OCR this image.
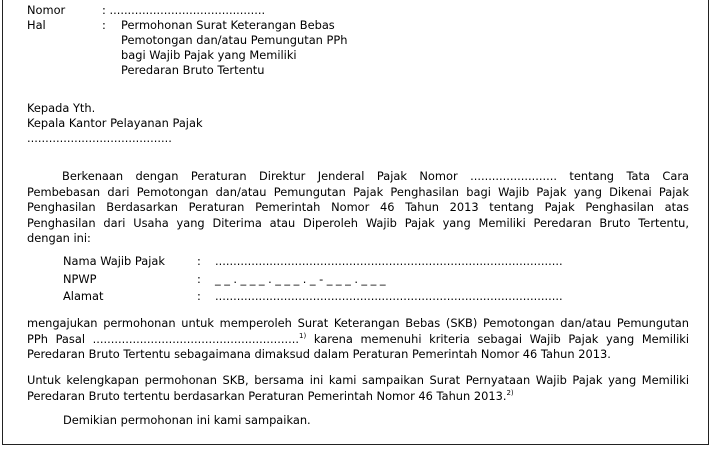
Nomor	: ...........................................
Hal	: Permohonan Surat Keterangan Bebas
Pemotongan dan/atau Pemungutan PPh
bagi Wajib Pajak yang Memiliki
Peredaran Bruto Tertentu
Kepada Yth.
Kepala Kantor Pelayanan Pajak
........................................
Berkenaan dengan Peraturan Direktur Jenderal Pajak Nomor ........................ tentang Tata Cara
Pembebasan dari Pemotongan dan/atau Pemungutan Pajak Penghasilan bagi Wajib Pajak yang Dikenai Pajak
Penghasilan Berdasarkan Peraturan Pemerintah Nomor 46 Tahun 2013 tentang Pajak Penghasilan atas
Penghasilan dari Usaha yang Diterima atau Diperoleh Wajib Pajak yang Memiliki Peredaran Bruto Tertentu,
dengan ini:
Nama Wajib Pajak	: ................................................................................................
NPWP	: __.___.___._-___.___
Alamat	: ................................................................................................
mengajukan permohonan untuk memperoleh Surat Keterangan Bebas (SKB) Pemotongan dan/atau Pemungutan
PPh Pasal .........................................................$^{1)}$ karena memenuhi kriteria sebagai Wajib Pajak yang Memiliki
Peredaran Bruto Tertentu sebagaimana dimaksud dalam Peraturan Pemerintah Nomor 46 Tahun 2013.
Untuk kelengkapan permohonan SKB, bersama ini kami sampaikan Surat Pernyataan Wajib Pajak yang Memiliki
Peredaran Bruto tertentu berdasarkan Peraturan Pemerintah Nomor 46 Tahun 2013.$^{2)}$
Demikian permohonan ini kami sampaikan.
